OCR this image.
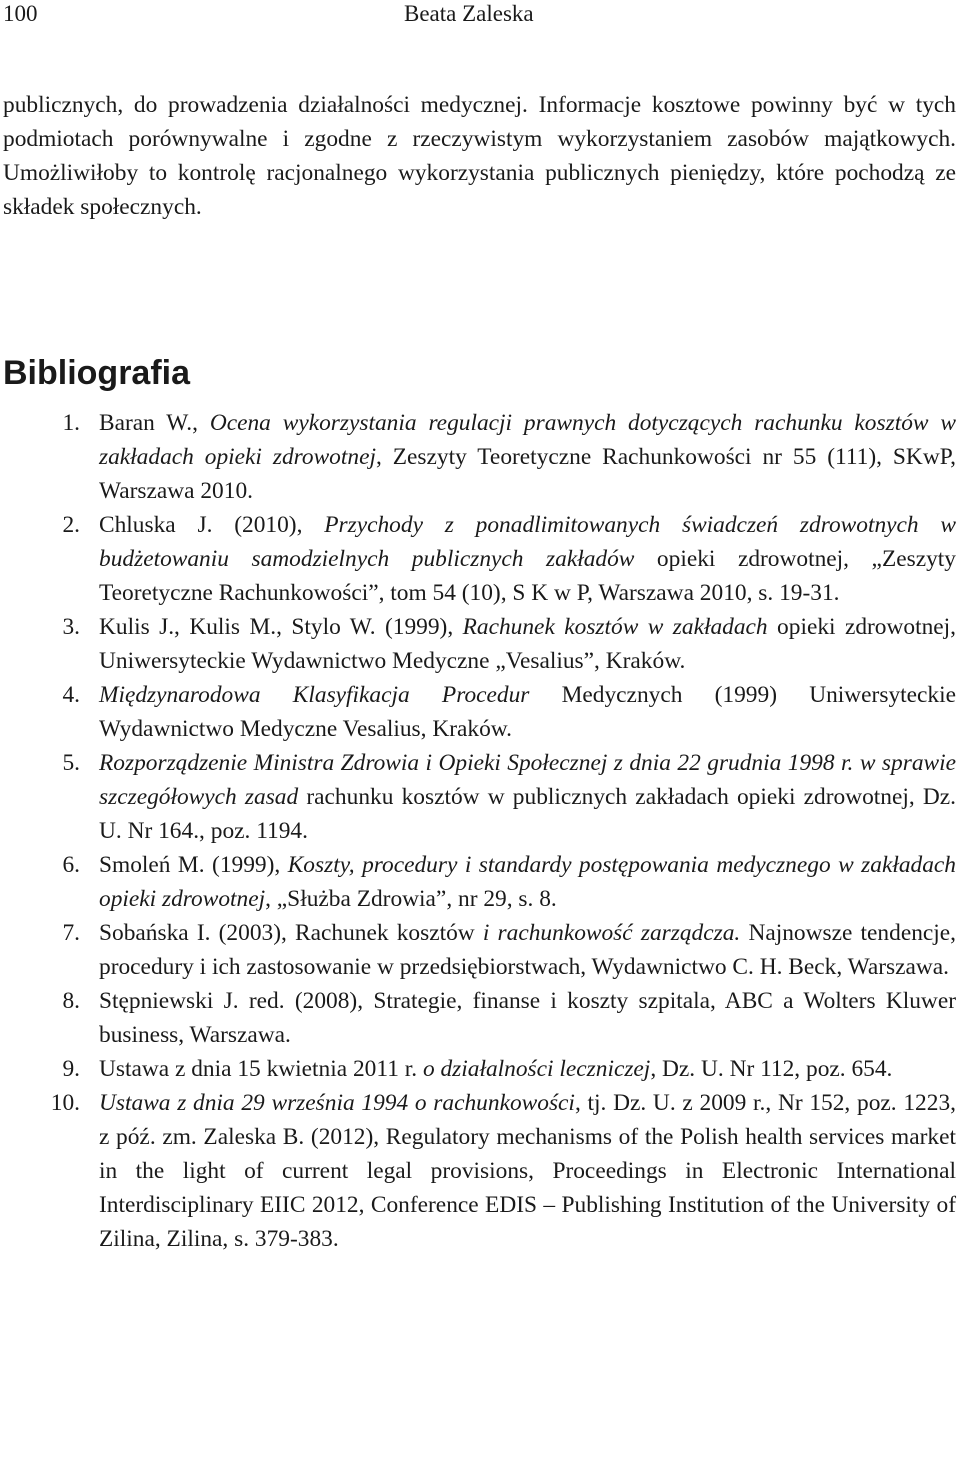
100	Beata Zaleska

publicznych, do prowadzenia działalności medycznej. Informacje kosztowe powinny być w tych podmiotach porównywalne i zgodne z rzeczywistym wykorzystaniem zasobów majątkowych. Umożliwiłoby to kontrolę racjonalnego wykorzystania publicznych pieniędzy, które pochodzą ze składek społecznych.

Bibliografia
1. Baran W., Ocena wykorzystania regulacji prawnych dotyczących rachunku kosztów w zakładach opieki zdrowotnej, Zeszyty Teoretyczne Rachunkowości nr 55 (111), SKwP, Warszawa 2010.
2. Chluska J. (2010), Przychody z ponadlimitowanych świadczeń zdrowotnych w budżetowaniu samodzielnych publicznych zakładów opieki zdrowotnej, „Zeszyty Teoretyczne Rachunkowości”, tom 54 (10), S K w P, Warszawa 2010, s. 19-31.
3. Kulis J., Kulis M., Stylo W. (1999), Rachunek kosztów w zakładach opieki zdrowotnej, Uniwersyteckie Wydawnictwo Medyczne „Vesalius”, Kraków.
4. Międzynarodowa Klasyfikacja Procedur Medycznych (1999) Uniwersyteckie Wydawnictwo Medyczne Vesalius, Kraków.
5. Rozporządzenie Ministra Zdrowia i Opieki Społecznej z dnia 22 grudnia 1998 r. w sprawie szczegółowych zasad rachunku kosztów w publicznych zakładach opieki zdrowotnej, Dz. U. Nr 164., poz. 1194.
6. Smoleń M. (1999), Koszty, procedury i standardy postępowania medycznego w zakładach opieki zdrowotnej, „Służba Zdrowia”, nr 29, s. 8.
7. Sobańska I. (2003), Rachunek kosztów i rachunkowość zarządcza. Najnowsze tendencje, procedury i ich zastosowanie w przedsiębiorstwach, Wydawnictwo C. H. Beck, Warszawa.
8. Stępniewski J. red. (2008), Strategie, finanse i koszty szpitala, ABC a Wolters Kluwer business, Warszawa.
9. Ustawa z dnia 15 kwietnia 2011 r. o działalności leczniczej, Dz. U. Nr 112, poz. 654.
10. Ustawa z dnia 29 września 1994 o rachunkowości, tj. Dz. U. z 2009 r., Nr 152, poz. 1223, z póź. zm. Zaleska B. (2012), Regulatory mechanisms of the Polish health services market in the light of current legal provisions, Proceedings in Electronic International Interdisciplinary EIIC 2012, Conference EDIS – Publishing Institution of the University of Zilina, Zilina, s. 379-383.
